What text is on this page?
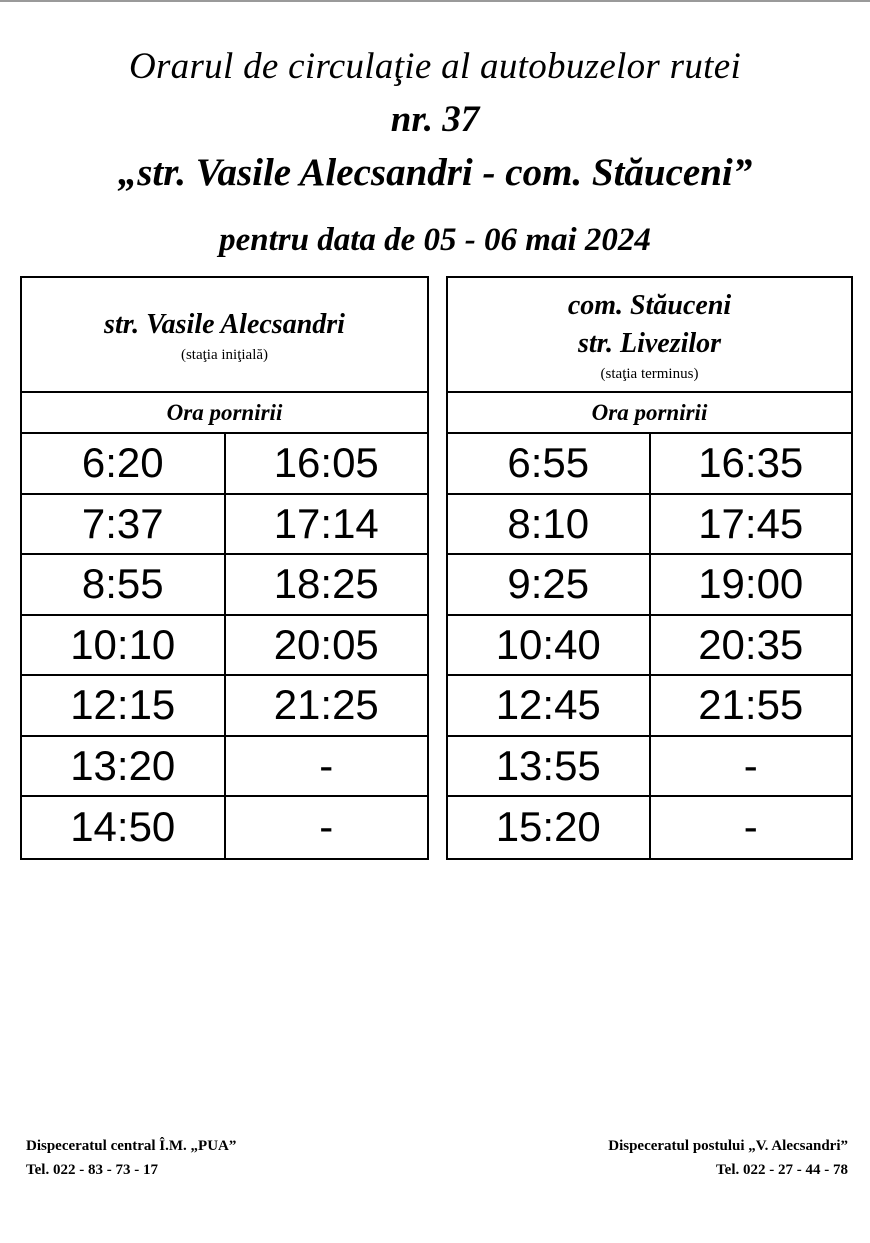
Orarul de circulaţie al autobuzelor rutei
nr. 37
„str. Vasile Alecsandri - com. Stăuceni”
pentru data de 05 - 06 mai 2024
str. Vasile Alecsandri
(staţia iniţială)
Ora pornirii
6:20	16:05
7:37	17:14
8:55	18:25
10:10	20:05
12:15	21:25
13:20	-
14:50	-
com. Stăuceni
str. Livezilor
(staţia terminus)
Ora pornirii
6:55	16:35
8:10	17:45
9:25	19:00
10:40	20:35
12:45	21:55
13:55	-
15:20	-
Dispeceratul central Î.M. „PUA”
Tel. 022 - 83 - 73 - 17
Dispeceratul postului „V. Alecsandri”
Tel. 022 - 27 - 44 - 78
